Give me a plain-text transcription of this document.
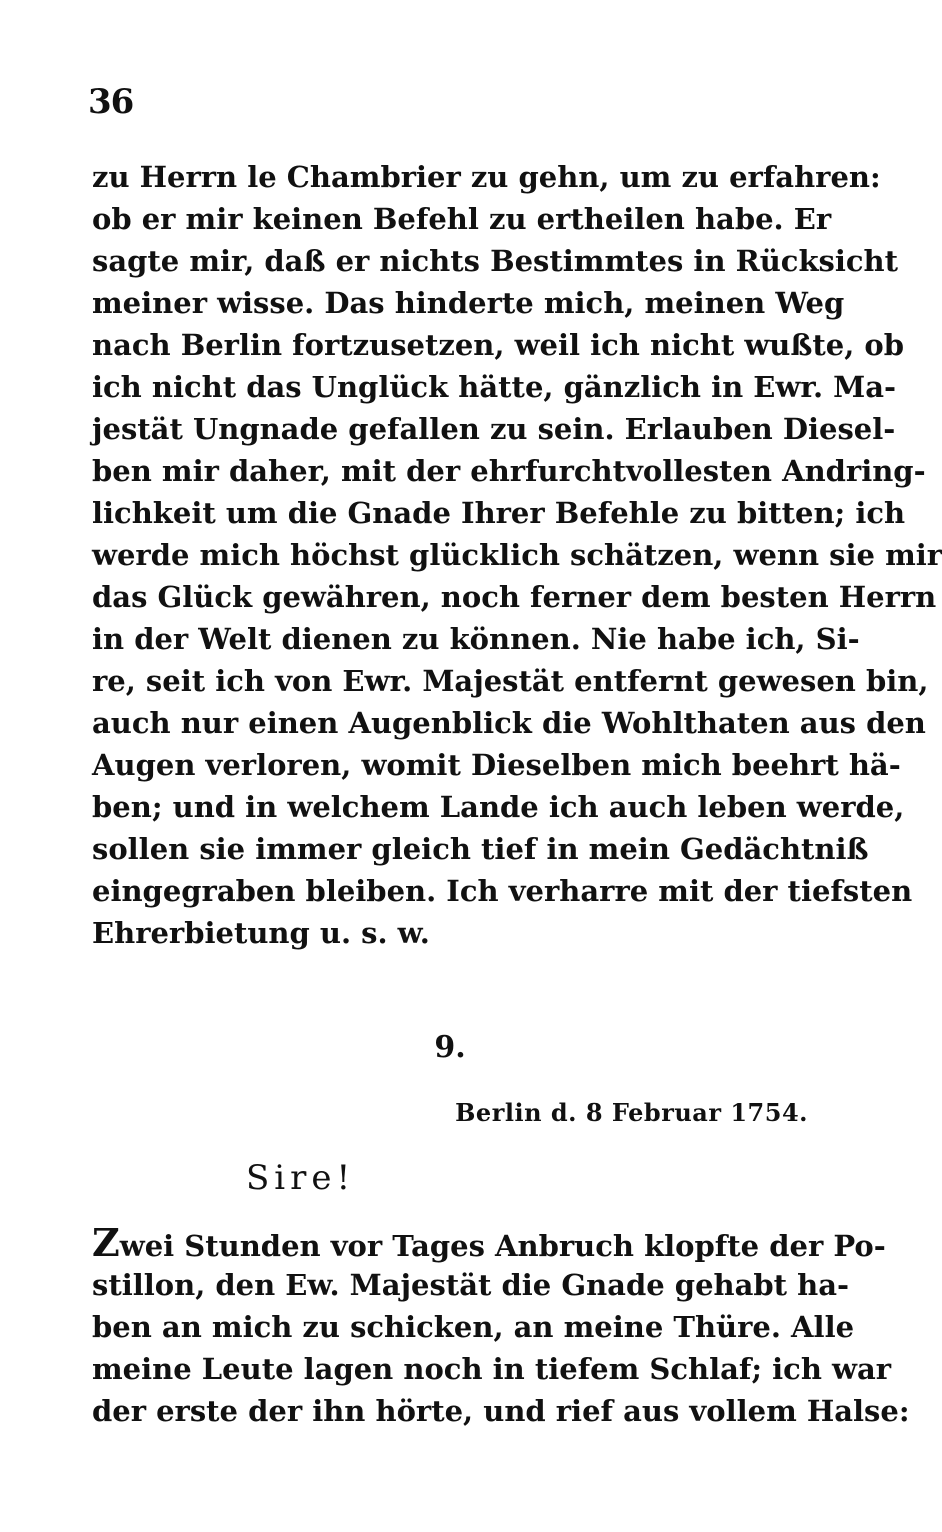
36
zu Herrn le Chambrier zu gehn, um zu erfahren:
ob er mir keinen Befehl zu ertheilen habe. Er
sagte mir, daß er nichts Bestimmtes in Rücksicht
meiner wisse. Das hinderte mich, meinen Weg
nach Berlin fortzusetzen, weil ich nicht wußte, ob
ich nicht das Unglück hätte, gänzlich in Ewr. Ma-
jestät Ungnade gefallen zu sein. Erlauben Diesel-
ben mir daher, mit der ehrfurchtvollesten Andring-
lichkeit um die Gnade Ihrer Befehle zu bitten; ich
werde mich höchst glücklich schätzen, wenn sie mir
das Glück gewähren, noch ferner dem besten Herrn
in der Welt dienen zu können. Nie habe ich, Si-
re, seit ich von Ewr. Majestät entfernt gewesen bin,
auch nur einen Augenblick die Wohlthaten aus den
Augen verloren, womit Dieselben mich beehrt hä-
ben; und in welchem Lande ich auch leben werde,
sollen sie immer gleich tief in mein Gedächtniß
eingegraben bleiben. Ich verharre mit der tiefsten
Ehrerbietung u. s. w.
9.
Berlin d. 8 Februar 1754.
Sire!
Zwei Stunden vor Tages Anbruch klopfte der Po-
stillon, den Ew. Majestät die Gnade gehabt ha-
ben an mich zu schicken, an meine Thüre. Alle
meine Leute lagen noch in tiefem Schlaf; ich war
der erste der ihn hörte, und rief aus vollem Halse:
